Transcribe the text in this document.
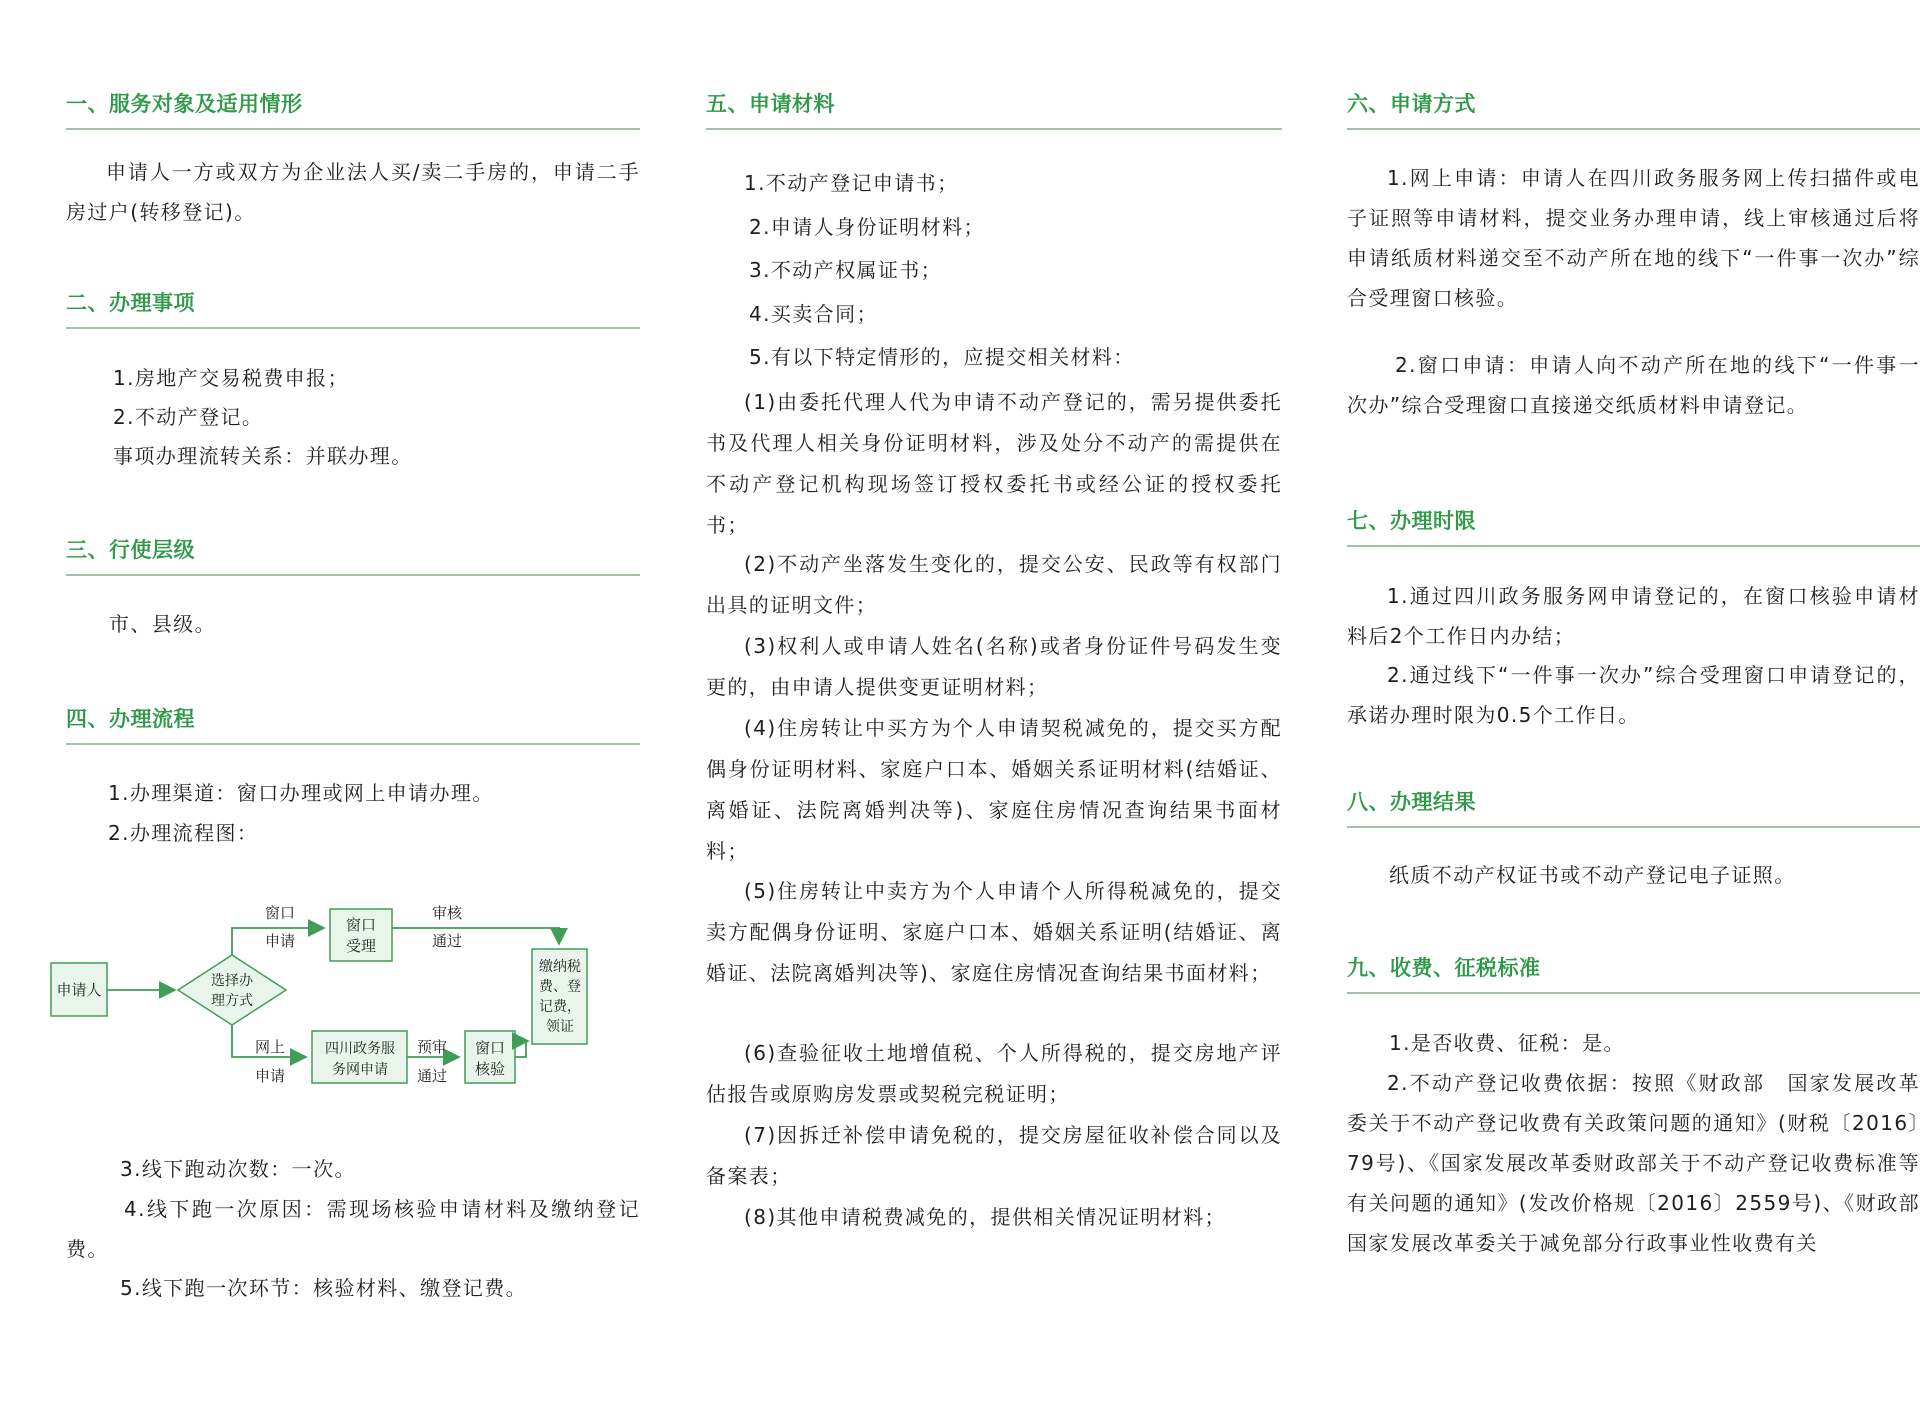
一、服务对象及适用情形

申请人一方或双方为企业法人买/卖二手房的，申请二手房过户(转移登记)。

二、办理事项

1.房地产交易税费申报；

2.不动产登记。

事项办理流转关系：并联办理。

三、行使层级

市、县级。

四、办理流程

1.办理渠道：窗口办理或网上申请办理。

2.办理流程图：

3.线下跑动次数：一次。

4.线下跑一次原因：需现场核验申请材料及缴纳登记费。

5.线下跑一次环节：核验材料、缴登记费。

申请人	选择办
理方式
窗口
申请
窗口
受理
审核
通过
网上
申请
四川政务服
务网申请
预审
通过
窗口
核验
缴纳税
费、登
记费，
领证
五、申请材料

1.不动产登记申请书；

2.申请人身份证明材料；

3.不动产权属证书；

4.买卖合同；

5.有以下特定情形的，应提交相关材料：

(1)由委托代理人代为申请不动产登记的，需另提供委托书及代理人相关身份证明材料，涉及处分不动产的需提供在不动产登记机构现场签订授权委托书或经公证的授权委托书；

(2)不动产坐落发生变化的，提交公安、民政等有权部门出具的证明文件；

(3)权利人或申请人姓名(名称)或者身份证件号码发生变更的，由申请人提供变更证明材料；

(4)住房转让中买方为个人申请契税减免的，提交买方配偶身份证明材料、家庭户口本、婚姻关系证明材料(结婚证、离婚证、法院离婚判决等)、家庭住房情况查询结果书面材料；

(5)住房转让中卖方为个人申请个人所得税减免的，提交卖方配偶身份证明、家庭户口本、婚姻关系证明(结婚证、离婚证、法院离婚判决等)、家庭住房情况查询结果书面材料；

(6)查验征收土地增值税、个人所得税的，提交房地产评估报告或原购房发票或契税完税证明；

(7)因拆迁补偿申请免税的，提交房屋征收补偿合同以及备案表；

(8)其他申请税费减免的，提供相关情况证明材料；

六、申请方式

1.网上申请：申请人在四川政务服务网上传扫描件或电子证照等申请材料，提交业务办理申请，线上审核通过后将申请纸质材料递交至不动产所在地的线下“一件事一次办”综合受理窗口核验。

2.窗口申请：申请人向不动产所在地的线下“一件事一次办”综合受理窗口直接递交纸质材料申请登记。

七、办理时限

1.通过四川政务服务网申请登记的，在窗口核验申请材料后2个工作日内办结；

2.通过线下“一件事一次办”综合受理窗口申请登记的，承诺办理时限为0.5个工作日。

八、办理结果

纸质不动产权证书或不动产登记电子证照。

九、收费、征税标准

1.是否收费、征税：是。

2.不动产登记收费依据：按照《财政部　国家发展改革委关于不动产登记收费有关政策问题的通知》(财税〔2016〕79号)、《国家发展改革委财政部关于不动产登记收费标准等有关问题的通知》(发改价格规〔2016〕2559号)、《财政部 国家发展改革委关于减免部分行政事业性收费有关
